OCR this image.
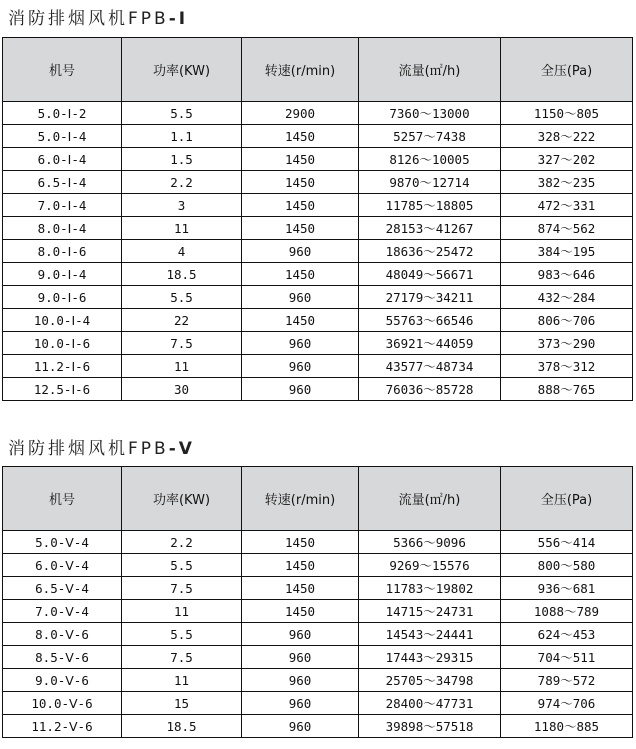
消防排烟风机FPB-Ⅰ
机号	功率(KW)	转速(r/min)	流量(㎡/h)	全压(Pa)
5.0-Ⅰ-2	5.5	2900	7360～13000	1150～805
5.0-Ⅰ-4	1.1	1450	5257～7438	328～222
6.0-Ⅰ-4	1.5	1450	8126～10005	327～202
6.5-Ⅰ-4	2.2	1450	9870～12714	382～235
7.0-Ⅰ-4	3	1450	11785～18805	472～331
8.0-Ⅰ-4	11	1450	28153～41267	874～562
8.0-Ⅰ-6	4	960	18636～25472	384～195
9.0-Ⅰ-4	18.5	1450	48049～56671	983～646
9.0-Ⅰ-6	5.5	960	27179～34211	432～284
10.0-Ⅰ-4	22	1450	55763～66546	806～706
10.0-Ⅰ-6	7.5	960	36921～44059	373～290
11.2-Ⅰ-6	11	960	43577～48734	378～312
12.5-Ⅰ-6	30	960	76036～85728	888～765
消防排烟风机FPB-Ⅴ
机号	功率(KW)	转速(r/min)	流量(㎡/h)	全压(Pa)
5.0-Ⅴ-4	2.2	1450	5366～9096	556～414
6.0-Ⅴ-4	5.5	1450	9269～15576	800～580
6.5-Ⅴ-4	7.5	1450	11783～19802	936～681
7.0-Ⅴ-4	11	1450	14715～24731	1088～789
8.0-Ⅴ-6	5.5	960	14543～24441	624～453
8.5-Ⅴ-6	7.5	960	17443～29315	704～511
9.0-Ⅴ-6	11	960	25705～34798	789～572
10.0-Ⅴ-6	15	960	28400～47731	974～706
11.2-Ⅴ-6	18.5	960	39898～57518	1180～885
